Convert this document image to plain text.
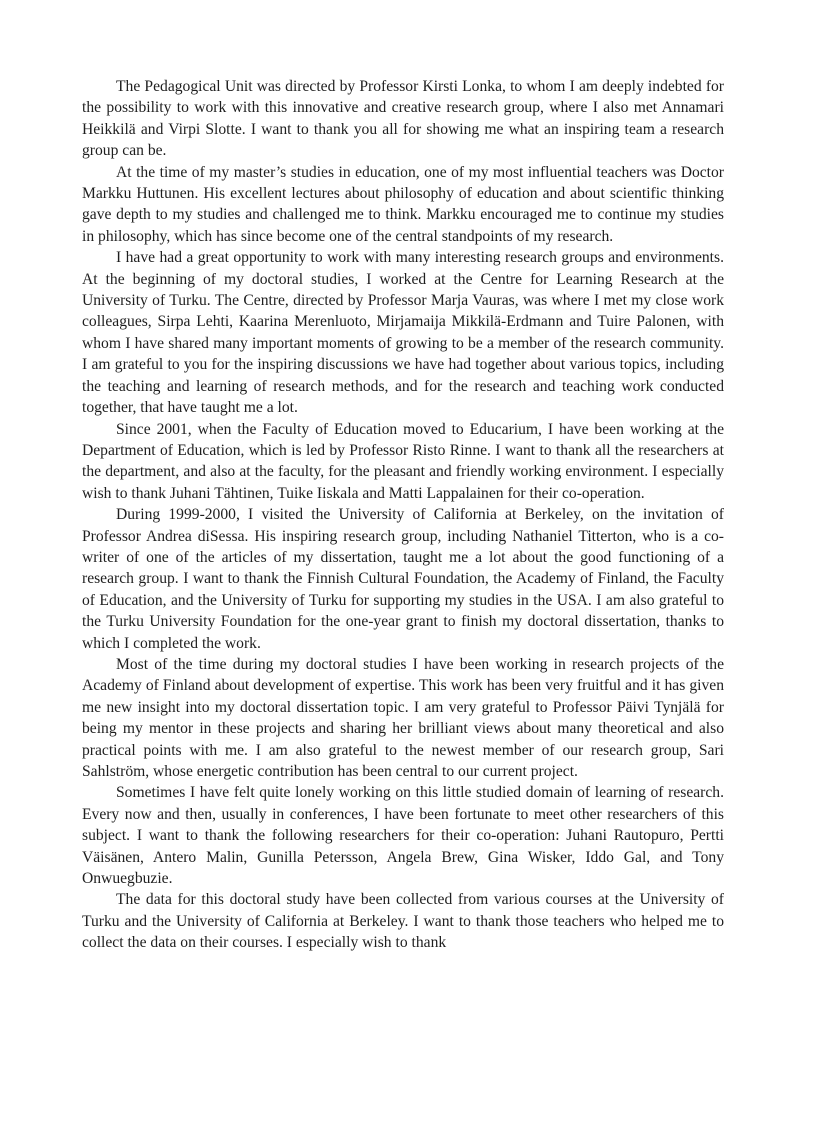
The Pedagogical Unit was directed by Professor Kirsti Lonka, to whom I am deeply indebted for the possibility to work with this innovative and creative research group, where I also met Annamari Heikkilä and Virpi Slotte. I want to thank you all for showing me what an inspiring team a research group can be.

At the time of my master’s studies in education, one of my most influential teachers was Doctor Markku Huttunen. His excellent lectures about philosophy of education and about scientific thinking gave depth to my studies and challenged me to think. Markku encouraged me to continue my studies in philosophy, which has since become one of the central standpoints of my research.

I have had a great opportunity to work with many interesting research groups and environments. At the beginning of my doctoral studies, I worked at the Centre for Learning Research at the University of Turku. The Centre, directed by Professor Marja Vauras, was where I met my close work colleagues, Sirpa Lehti, Kaarina Merenluoto, Mirjamaija Mikkilä-Erdmann and Tuire Palonen, with whom I have shared many important moments of growing to be a member of the research community. I am grateful to you for the inspiring discussions we have had together about various topics, including the teaching and learning of research methods, and for the research and teaching work conducted together, that have taught me a lot.

Since 2001, when the Faculty of Education moved to Educarium, I have been working at the Department of Education, which is led by Professor Risto Rinne. I want to thank all the researchers at the department, and also at the faculty, for the pleasant and friendly working environment. I especially wish to thank Juhani Tähtinen, Tuike Iiskala and Matti Lappalainen for their co-operation.

During 1999-2000, I visited the University of California at Berkeley, on the invitation of Professor Andrea diSessa. His inspiring research group, including Nathaniel Titterton, who is a co-writer of one of the articles of my dissertation, taught me a lot about the good functioning of a research group. I want to thank the Finnish Cultural Foundation, the Academy of Finland, the Faculty of Education, and the University of Turku for supporting my studies in the USA. I am also grateful to the Turku University Foundation for the one-year grant to finish my doctoral dissertation, thanks to which I completed the work.

Most of the time during my doctoral studies I have been working in research projects of the Academy of Finland about development of expertise. This work has been very fruitful and it has given me new insight into my doctoral dissertation topic. I am very grateful to Professor Päivi Tynjälä for being my mentor in these projects and sharing her brilliant views about many theoretical and also practical points with me. I am also grateful to the newest member of our research group, Sari Sahlström, whose energetic contribution has been central to our current project.

Sometimes I have felt quite lonely working on this little studied domain of learning of research. Every now and then, usually in conferences, I have been fortunate to meet other researchers of this subject. I want to thank the following researchers for their co-operation: Juhani Rautopuro, Pertti Väisänen, Antero Malin, Gunilla Petersson, Angela Brew, Gina Wisker, Iddo Gal, and Tony Onwuegbuzie.

The data for this doctoral study have been collected from various courses at the University of Turku and the University of California at Berkeley. I want to thank those teachers who helped me to collect the data on their courses. I especially wish to thank
